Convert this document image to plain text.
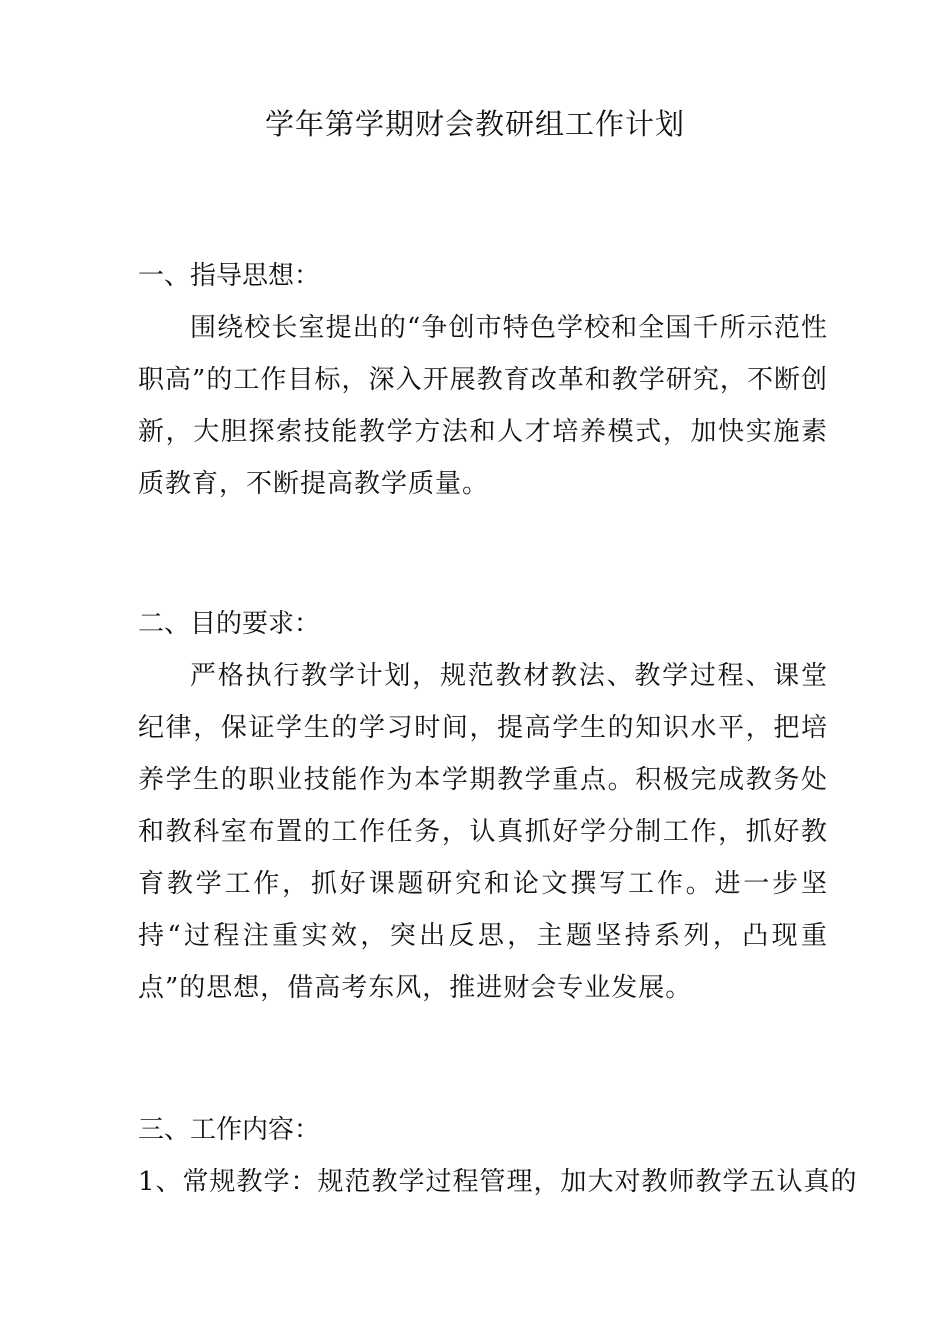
学年第学期财会教研组工作计划
一、指导思想：
围绕校长室提出的“争创市特色学校和全国千所示范性职高”的工作目标，深入开展教育改革和教学研究，不断创新，大胆探索技能教学方法和人才培养模式，加快实施素质教育，不断提高教学质量。
二、目的要求：
严格执行教学计划，规范教材教法、教学过程、课堂纪律，保证学生的学习时间，提高学生的知识水平，把培养学生的职业技能作为本学期教学重点。积极完成教务处和教科室布置的工作任务，认真抓好学分制工作，抓好教育教学工作，抓好课题研究和论文撰写工作。进一步坚持“过程注重实效，突出反思，主题坚持系列，凸现重点”的思想，借高考东风，推进财会专业发展。
三、工作内容：
1、常规教学：规范教学过程管理，加大对教师教学五认真的
